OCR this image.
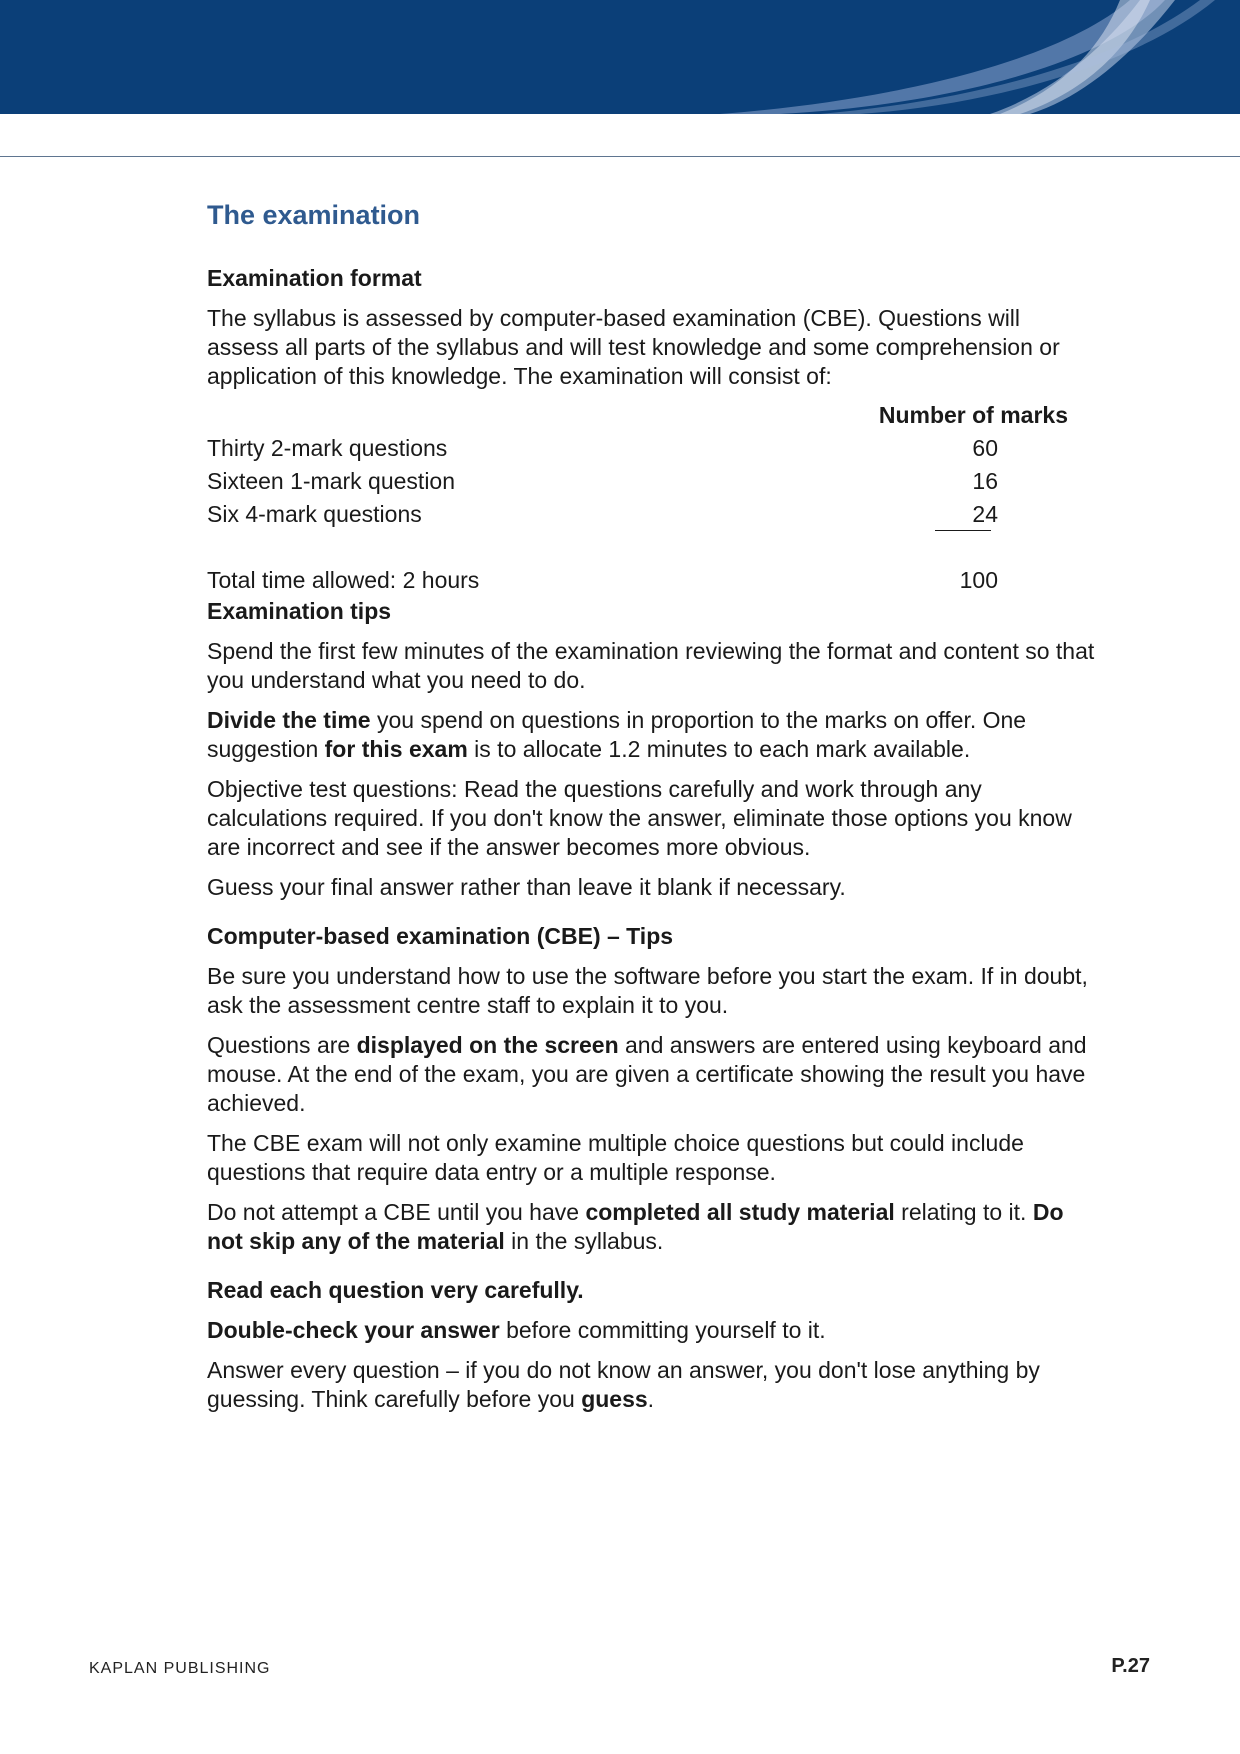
The examination
Examination format
The syllabus is assessed by computer-based examination (CBE). Questions will assess all parts of the syllabus and will test knowledge and some comprehension or application of this knowledge. The examination will consist of:
Number of marks
Thirty 2-mark questions	60
Sixteen 1-mark question	16
Six 4-mark questions	24
Total time allowed: 2 hours	100
Examination tips
Spend the first few minutes of the examination reviewing the format and content so that you understand what you need to do.
Divide the time you spend on questions in proportion to the marks on offer. One suggestion for this exam is to allocate 1.2 minutes to each mark available.
Objective test questions: Read the questions carefully and work through any calculations required. If you don't know the answer, eliminate those options you know are incorrect and see if the answer becomes more obvious.
Guess your final answer rather than leave it blank if necessary.
Computer-based examination (CBE) – Tips
Be sure you understand how to use the software before you start the exam. If in doubt, ask the assessment centre staff to explain it to you.
Questions are displayed on the screen and answers are entered using keyboard and mouse. At the end of the exam, you are given a certificate showing the result you have achieved.
The CBE exam will not only examine multiple choice questions but could include questions that require data entry or a multiple response.
Do not attempt a CBE until you have completed all study material relating to it. Do not skip any of the material in the syllabus.
Read each question very carefully.
Double-check your answer before committing yourself to it.
Answer every question – if you do not know an answer, you don't lose anything by guessing. Think carefully before you guess.
KAPLAN PUBLISHING	P.27
